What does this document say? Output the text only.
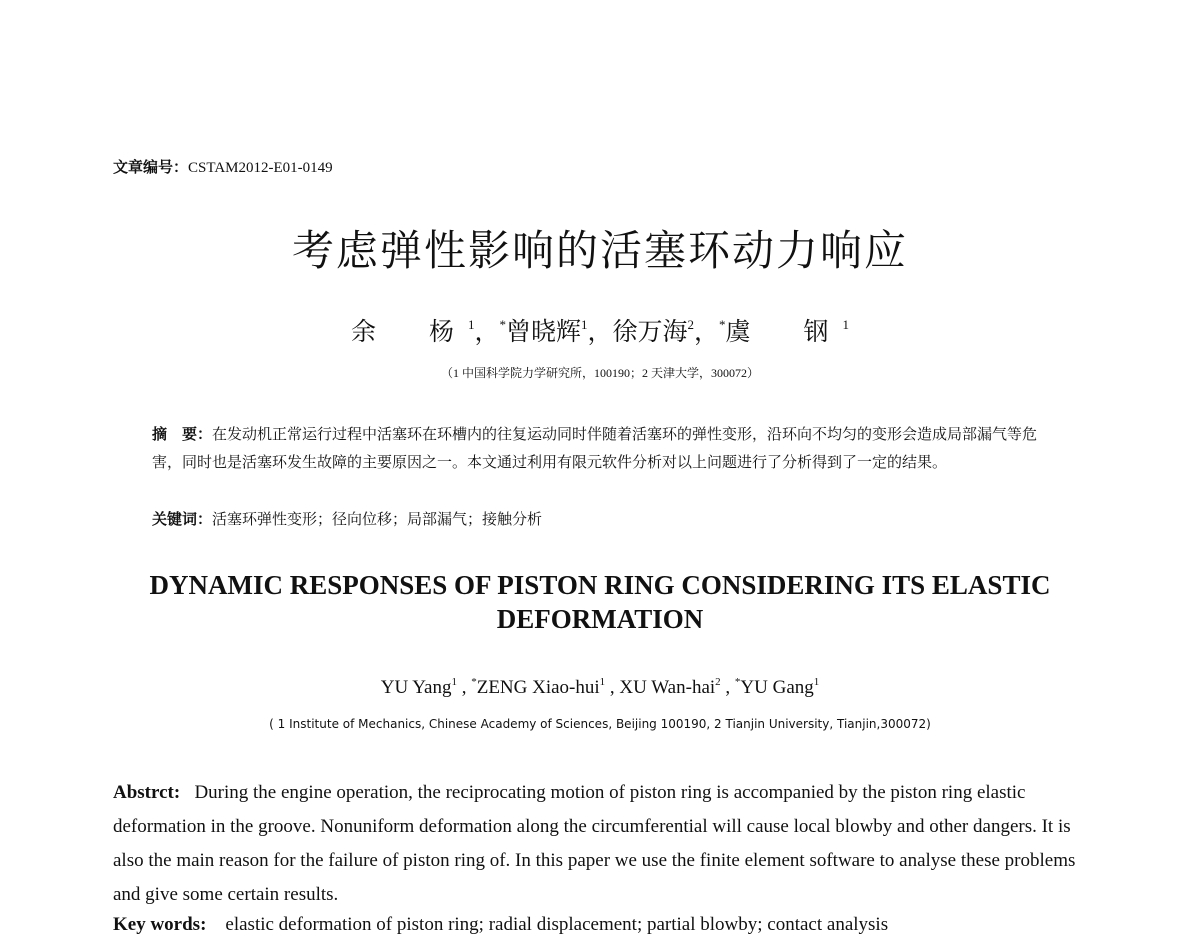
文章编号：CSTAM2012-E01-0149
考虑弹性影响的活塞环动力响应
余　杨$^1$，*曾晓辉$^1$，徐万海$^2$，*虞　钢$^1$
（1 中国科学院力学研究所，100190；2 天津大学，300072）
摘　要：在发动机正常运行过程中活塞环在环槽内的往复运动同时伴随着活塞环的弹性变形，沿环向不均匀的变形会造成局部漏气等危害，同时也是活塞环发生故障的主要原因之一。本文通过利用有限元软件分析对以上问题进行了分析得到了一定的结果。
关键词：活塞环弹性变形；径向位移；局部漏气；接触分析
DYNAMIC RESPONSES OF PISTON RING CONSIDERING ITS ELASTIC DEFORMATION
YU Yang$^1$ , *ZENG Xiao-hui$^1$ , XU Wan-hai$^2$ , *YU Gang$^1$
( 1 Institute of Mechanics, Chinese Academy of Sciences, Beijing 100190, 2 Tianjin University, Tianjin,300072)
Abstrct: During the engine operation, the reciprocating motion of piston ring is accompanied by the piston ring elastic deformation in the groove. Nonuniform deformation along the circumferential will cause local blowby and other dangers. It is also the main reason for the failure of piston ring of. In this paper we use the finite element software to analyse these problems and give some certain results.
Key words: elastic deformation of piston ring; radial displacement; partial blowby; contact analysis
